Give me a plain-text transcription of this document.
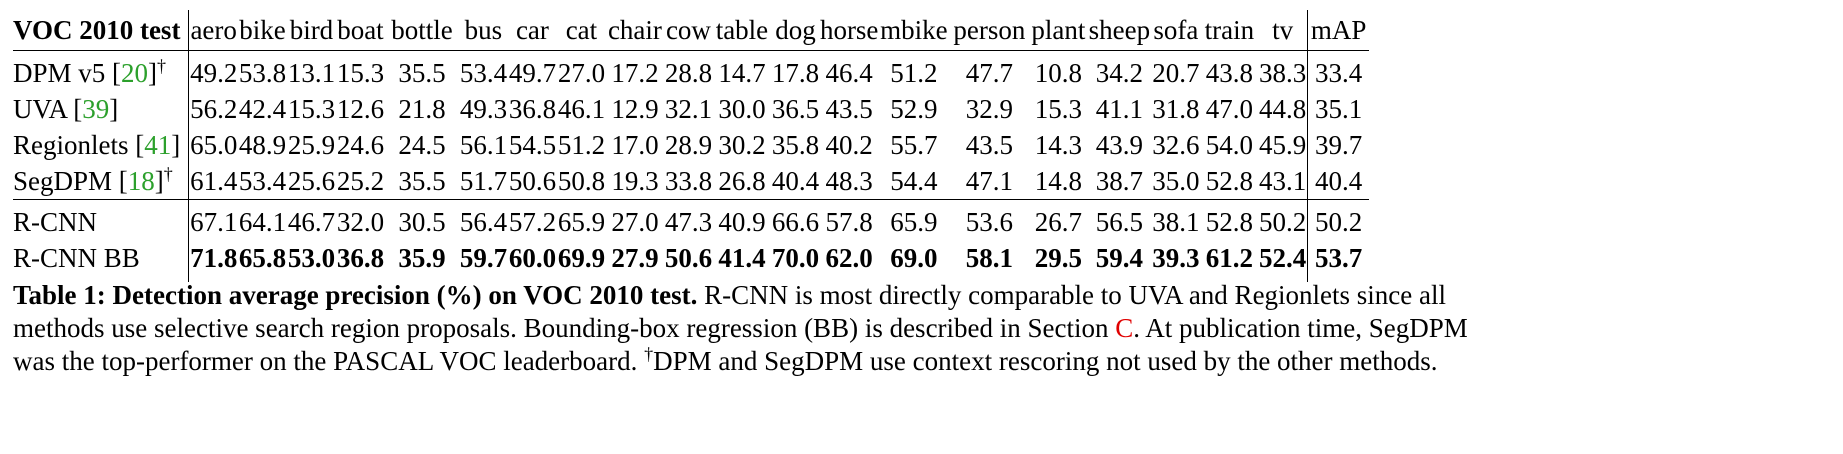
VOC 2010 test	aero	bike	bird	boat	bottle	bus	car	cat	chair	cow	table	dog	horse	mbike	person	plant	sheep	sofa	train	tv	mAP
DPM v5 [20]†	49.2	53.8	13.1	15.3	35.5	53.4	49.7	27.0	17.2	28.8	14.7	17.8	46.4	51.2	47.7	10.8	34.2	20.7	43.8	38.3	33.4
UVA [39]	56.2	42.4	15.3	12.6	21.8	49.3	36.8	46.1	12.9	32.1	30.0	36.5	43.5	52.9	32.9	15.3	41.1	31.8	47.0	44.8	35.1
Regionlets [41]	65.0	48.9	25.9	24.6	24.5	56.1	54.5	51.2	17.0	28.9	30.2	35.8	40.2	55.7	43.5	14.3	43.9	32.6	54.0	45.9	39.7
SegDPM [18]†	61.4	53.4	25.6	25.2	35.5	51.7	50.6	50.8	19.3	33.8	26.8	40.4	48.3	54.4	47.1	14.8	38.7	35.0	52.8	43.1	40.4
R-CNN	67.1	64.1	46.7	32.0	30.5	56.4	57.2	65.9	27.0	47.3	40.9	66.6	57.8	65.9	53.6	26.7	56.5	38.1	52.8	50.2	50.2
R-CNN BB	71.8	65.8	53.0	36.8	35.9	59.7	60.0	69.9	27.9	50.6	41.4	70.0	62.0	69.0	58.1	29.5	59.4	39.3	61.2	52.4	53.7
Table 1: Detection average precision (%) on VOC 2010 test. R-CNN is most directly comparable to UVA and Regionlets since all
methods use selective search region proposals. Bounding-box regression (BB) is described in Section C. At publication time, SegDPM
was the top-performer on the PASCAL VOC leaderboard. †DPM and SegDPM use context rescoring not used by the other methods.
